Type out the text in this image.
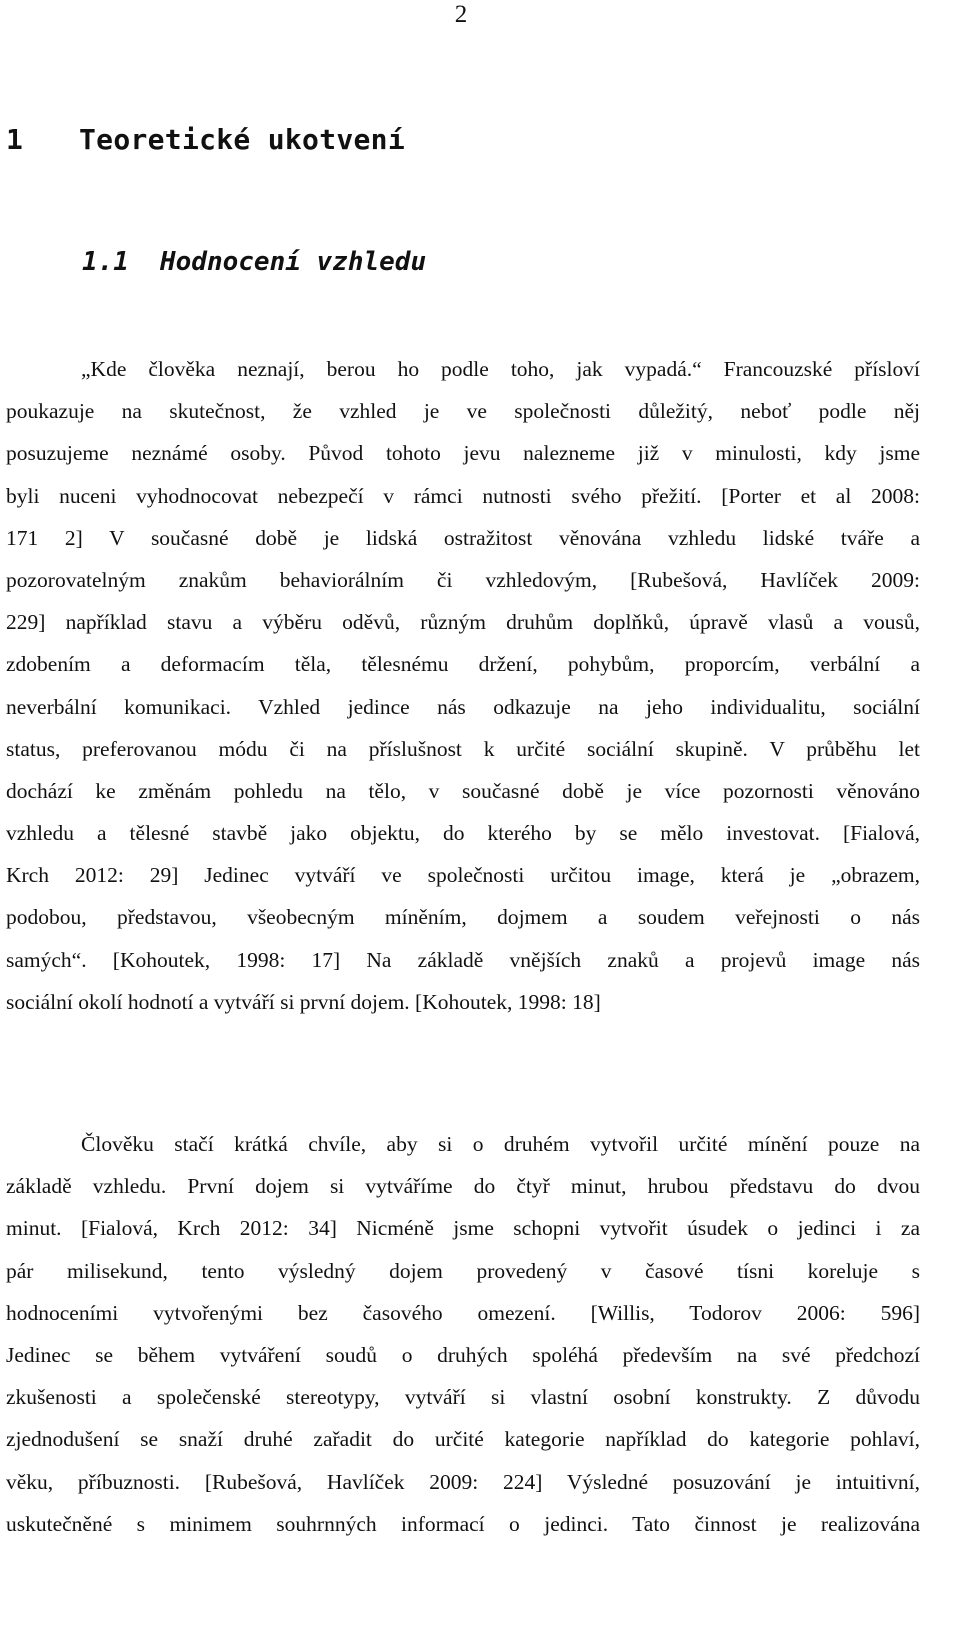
2
1 Teoretické ukotvení
1.1 Hodnocení vzhledu
„Kde člověka neznají, berou ho podle toho, jak vypadá.“ Francouzské přísloví
poukazuje na skutečnost, že vzhled je ve společnosti důležitý, neboť podle něj
posuzujeme neznámé osoby. Původ tohoto jevu nalezneme již v minulosti, kdy jsme
byli nuceni vyhodnocovat nebezpečí v rámci nutnosti svého přežití. [Porter et al 2008:
171 2] V současné době je lidská ostražitost věnována vzhledu lidské tváře a
pozorovatelným znakům behaviorálním či vzhledovým, [Rubešová, Havlíček 2009:
229] například stavu a výběru oděvů, různým druhům doplňků, úpravě vlasů a vousů,
zdobením a deformacím těla, tělesnému držení, pohybům, proporcím, verbální a
neverbální komunikaci. Vzhled jedince nás odkazuje na jeho individualitu, sociální
status, preferovanou módu či na příslušnost k určité sociální skupině. V průběhu let
dochází ke změnám pohledu na tělo, v současné době je více pozornosti věnováno
vzhledu a tělesné stavbě jako objektu, do kterého by se mělo investovat. [Fialová,
Krch 2012: 29] Jedinec vytváří ve společnosti určitou image, která je „obrazem,
podobou, představou, všeobecným míněním, dojmem a soudem veřejnosti o nás
samých“. [Kohoutek, 1998: 17] Na základě vnějších znaků a projevů image nás
sociální okolí hodnotí a vytváří si první dojem. [Kohoutek, 1998: 18]
Člověku stačí krátká chvíle, aby si o druhém vytvořil určité mínění pouze na
základě vzhledu. První dojem si vytváříme do čtyř minut, hrubou představu do dvou
minut. [Fialová, Krch 2012: 34] Nicméně jsme schopni vytvořit úsudek o jedinci i za
pár milisekund, tento výsledný dojem provedený v časové tísni koreluje s
hodnoceními vytvořenými bez časového omezení. [Willis, Todorov 2006: 596]
Jedinec se během vytváření soudů o druhých spoléhá především na své předchozí
zkušenosti a společenské stereotypy, vytváří si vlastní osobní konstrukty. Z důvodu
zjednodušení se snaží druhé zařadit do určité kategorie například do kategorie pohlaví,
věku, příbuznosti. [Rubešová, Havlíček 2009: 224] Výsledné posuzování je intuitivní,
uskutečněné s minimem souhrnných informací o jedinci. Tato činnost je realizována
